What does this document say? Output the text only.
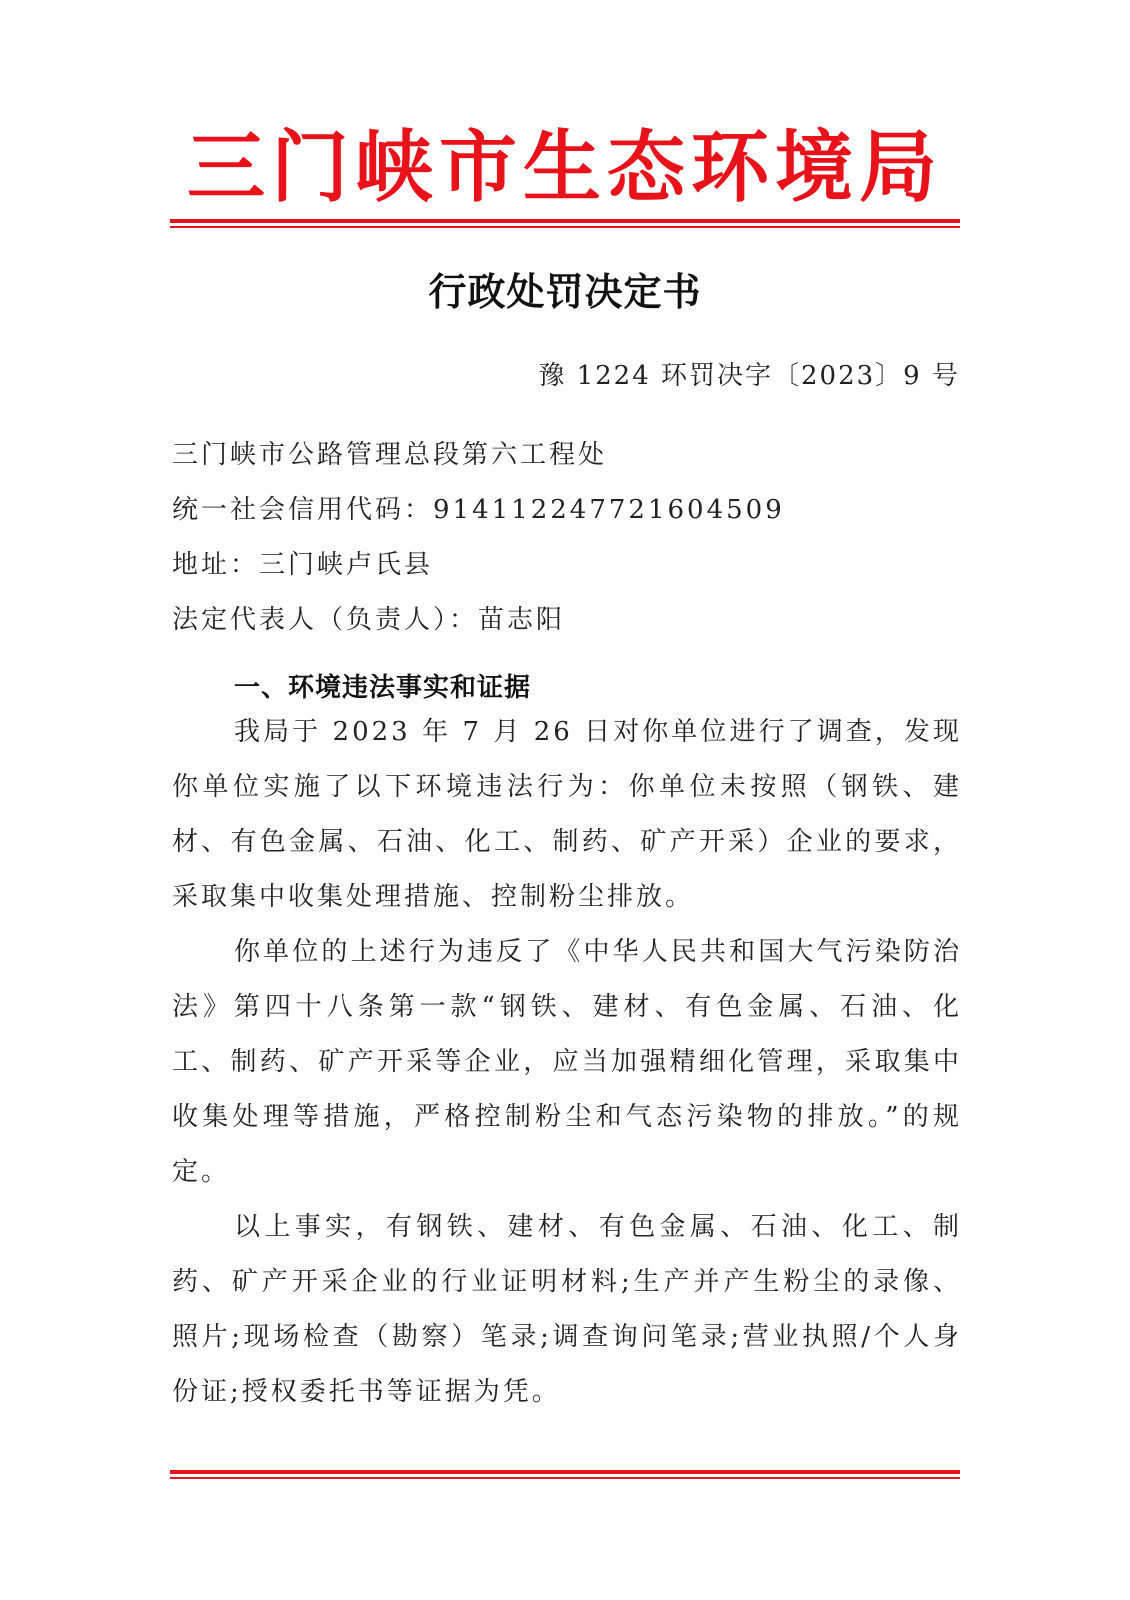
三门峡市生态环境局
行政处罚决定书
豫 1224 环罚决字〔2023〕9 号
三门峡市公路管理总段第六工程处
统一社会信用代码：914112247721604509
地址：三门峡卢氏县
法定代表人（负责人）：苗志阳
一、环境违法事实和证据

我局于 2023 年 7 月 26 日对你单位进行了调查，发现你单位实施了以下环境违法行为：你单位未按照（钢铁、建材、有色金属、石油、化工、制药、矿产开采）企业的要求，采取集中收集处理措施、控制粉尘排放。

你单位的上述行为违反了《中华人民共和国大气污染防治法》第四十八条第一款“钢铁、建材、有色金属、石油、化工、制药、矿产开采等企业，应当加强精细化管理，采取集中收集处理等措施，严格控制粉尘和气态污染物的排放。”的规定。

以上事实，有钢铁、建材、有色金属、石油、化工、制药、矿产开采企业的行业证明材料;生产并产生粉尘的录像、照片;现场检查（勘察）笔录;调查询问笔录;营业执照/个人身份证;授权委托书等证据为凭。
